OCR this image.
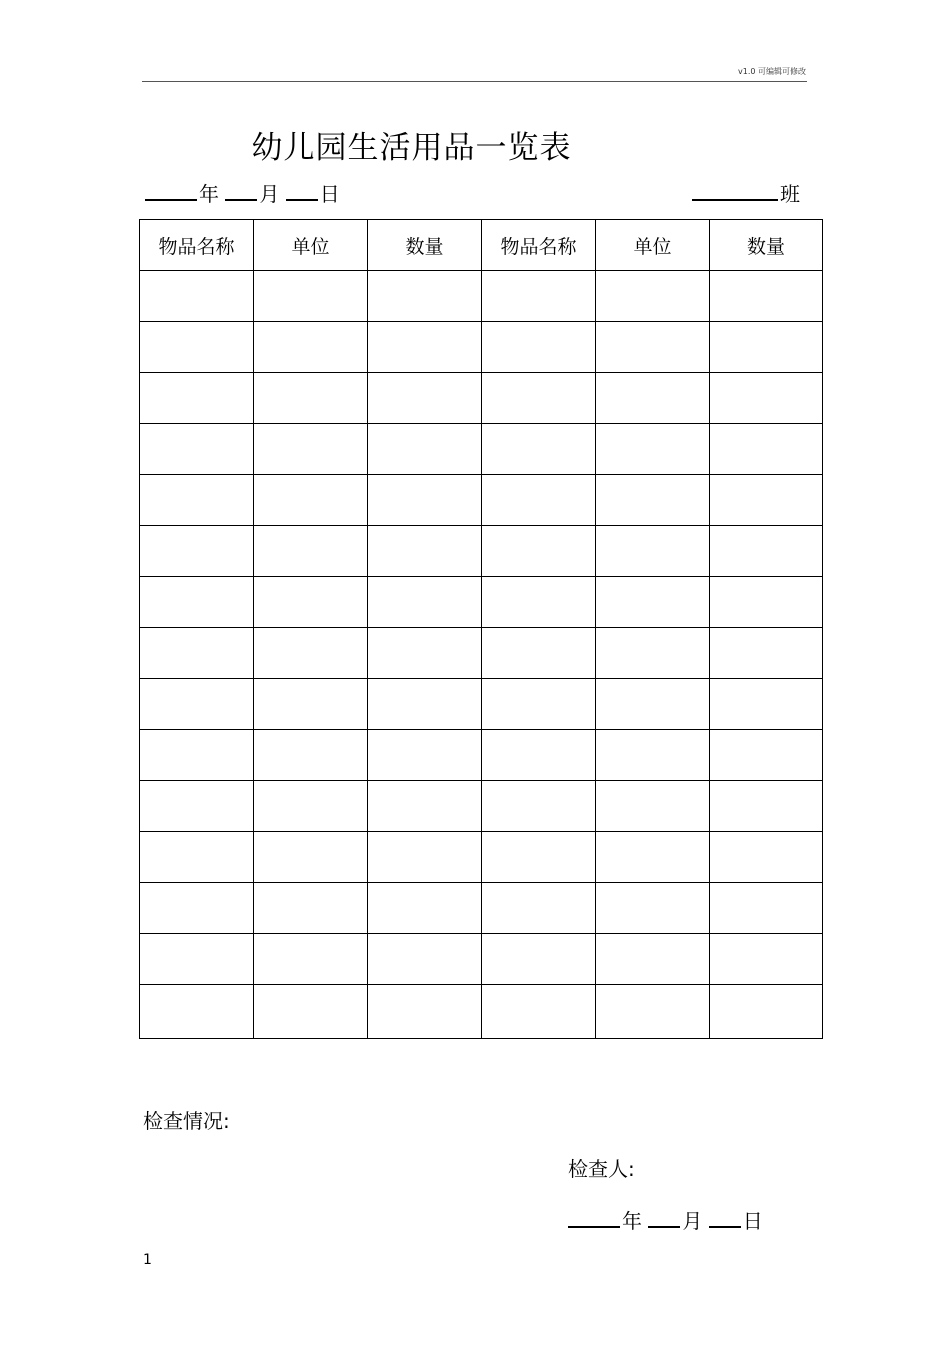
v1.0 可编辑可修改
幼儿园生活用品一览表
年 月 日	班
物品名称	单位	数量	物品名称	单位	数量

检查情况:
检查人:
年 月 日
1
